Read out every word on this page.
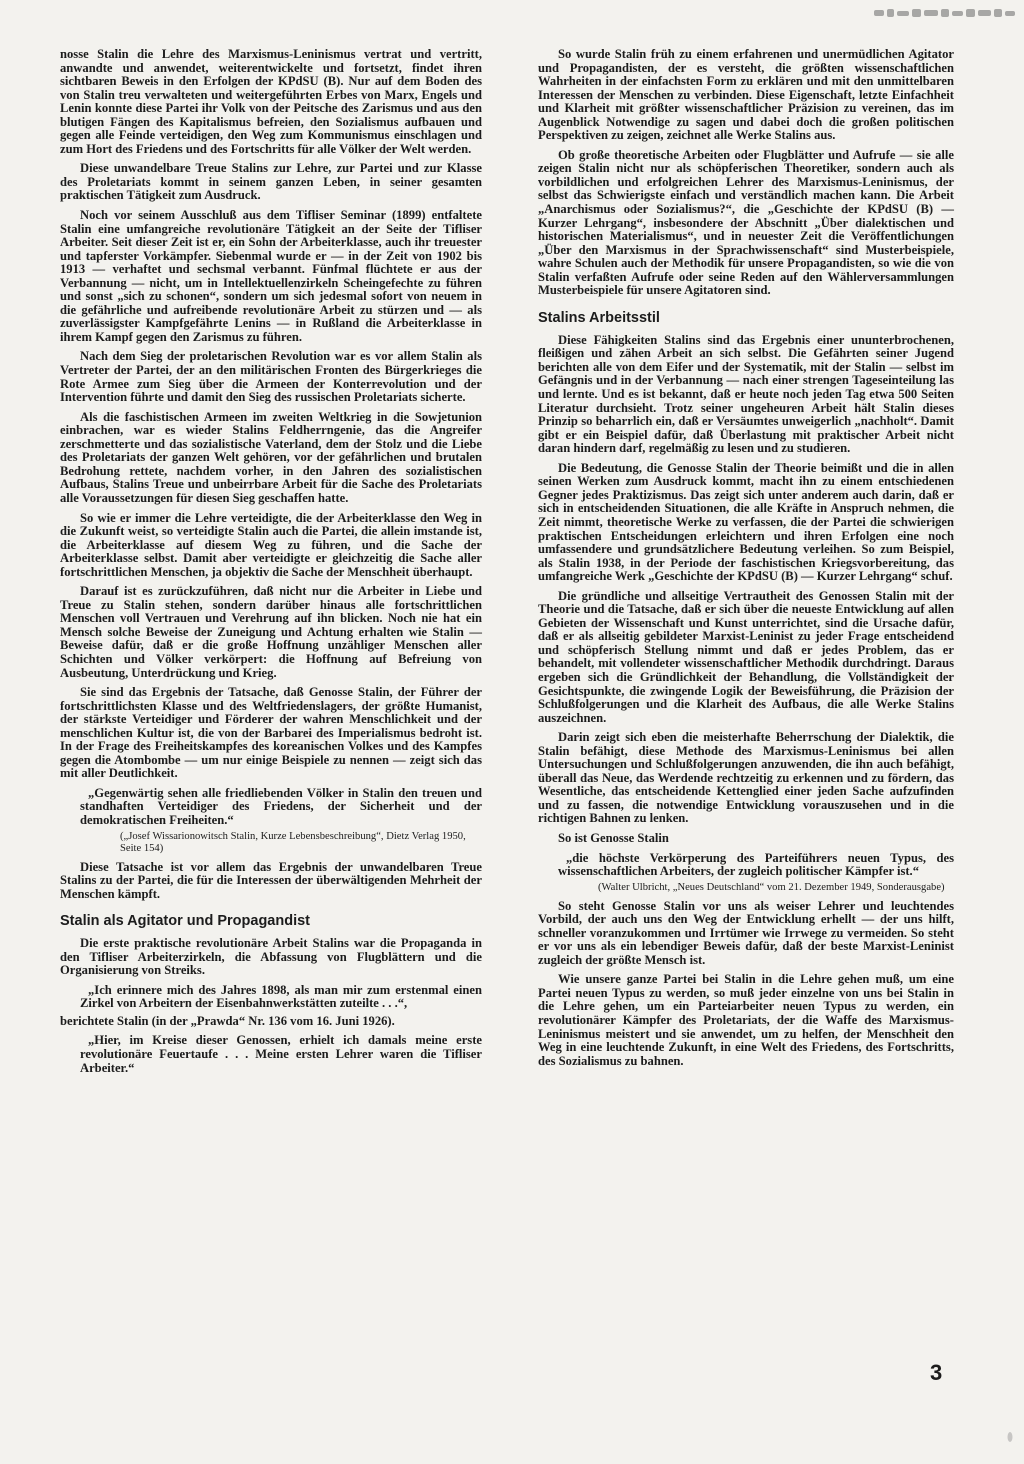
nosse Stalin die Lehre des Marxismus-Leninismus vertrat und vertritt, anwandte und anwendet, weiterentwickelte und fortsetzt, findet ihren sichtbaren Beweis in den Erfolgen der KPdSU (B). Nur auf dem Boden des von Stalin treu verwalteten und weitergeführten Erbes von Marx, Engels und Lenin konnte diese Partei ihr Volk von der Peitsche des Zarismus und aus den blutigen Fängen des Kapitalismus befreien, den Sozialismus aufbauen und gegen alle Feinde verteidigen, den Weg zum Kommunismus einschlagen und zum Hort des Friedens und des Fortschritts für alle Völker der Welt werden.

Diese unwandelbare Treue Stalins zur Lehre, zur Partei und zur Klasse des Proletariats kommt in seinem ganzen Leben, in seiner gesamten praktischen Tätigkeit zum Ausdruck.

Noch vor seinem Ausschluß aus dem Tifliser Seminar (1899) entfaltete Stalin eine umfangreiche revolutionäre Tätigkeit an der Seite der Tifliser Arbeiter. Seit dieser Zeit ist er, ein Sohn der Arbeiterklasse, auch ihr treuester und tapferster Vorkämpfer. Siebenmal wurde er — in der Zeit von 1902 bis 1913 — verhaftet und sechsmal verbannt. Fünfmal flüchtete er aus der Verbannung — nicht, um in Intellektuellenzirkeln Scheingefechte zu führen und sonst „sich zu schonen“, sondern um sich jedesmal sofort von neuem in die gefährliche und aufreibende revolutionäre Arbeit zu stürzen und — als zuverlässigster Kampfgefährte Lenins — in Rußland die Arbeiterklasse in ihrem Kampf gegen den Zarismus zu führen.

Nach dem Sieg der proletarischen Revolution war es vor allem Stalin als Vertreter der Partei, der an den militärischen Fronten des Bürgerkrieges die Rote Armee zum Sieg über die Armeen der Konterrevolution und der Intervention führte und damit den Sieg des russischen Proletariats sicherte.

Als die faschistischen Armeen im zweiten Weltkrieg in die Sowjetunion einbrachen, war es wieder Stalins Feldherrngenie, das die Angreifer zerschmetterte und das sozialistische Vaterland, dem der Stolz und die Liebe des Proletariats der ganzen Welt gehören, vor der gefährlichen und brutalen Bedrohung rettete, nachdem vorher, in den Jahren des sozialistischen Aufbaus, Stalins Treue und unbeirrbare Arbeit für die Sache des Proletariats alle Voraussetzungen für diesen Sieg geschaffen hatte.

So wie er immer die Lehre verteidigte, die der Arbeiterklasse den Weg in die Zukunft weist, so verteidigte Stalin auch die Partei, die allein imstande ist, die Arbeiterklasse auf diesem Weg zu führen, und die Sache der Arbeiterklasse selbst. Damit aber verteidigte er gleichzeitig die Sache aller fortschrittlichen Menschen, ja objektiv die Sache der Menschheit überhaupt.

Darauf ist es zurückzuführen, daß nicht nur die Arbeiter in Liebe und Treue zu Stalin stehen, sondern darüber hinaus alle fortschrittlichen Menschen voll Vertrauen und Verehrung auf ihn blicken. Noch nie hat ein Mensch solche Beweise der Zuneigung und Achtung erhalten wie Stalin — Beweise dafür, daß er die große Hoffnung unzähliger Menschen aller Schichten und Völker verkörpert: die Hoffnung auf Befreiung von Ausbeutung, Unterdrückung und Krieg.

Sie sind das Ergebnis der Tatsache, daß Genosse Stalin, der Führer der fortschrittlichsten Klasse und des Weltfriedenslagers, der größte Humanist, der stärkste Verteidiger und Förderer der wahren Menschlichkeit und der menschlichen Kultur ist, die von der Barbarei des Imperialismus bedroht ist. In der Frage des Freiheitskampfes des koreanischen Volkes und des Kampfes gegen die Atombombe — um nur einige Beispiele zu nennen — zeigt sich das mit aller Deutlichkeit.

„Gegenwärtig sehen alle friedliebenden Völker in Stalin den treuen und standhaften Verteidiger des Friedens, der Sicherheit und der demokratischen Freiheiten.“
(„Josef Wissarionowitsch Stalin, Kurze Lebensbeschreibung“, Dietz Verlag 1950, Seite 154)

Diese Tatsache ist vor allem das Ergebnis der unwandelbaren Treue Stalins zu der Partei, die für die Interessen der überwältigenden Mehrheit der Menschen kämpft.

Stalin als Agitator und Propagandist

Die erste praktische revolutionäre Arbeit Stalins war die Propaganda in den Tifliser Arbeiterzirkeln, die Abfassung von Flugblättern und die Organisierung von Streiks.

„Ich erinnere mich des Jahres 1898, als man mir zum erstenmal einen Zirkel von Arbeitern der Eisenbahnwerkstätten zuteilte . . .“,

berichtete Stalin (in der „Prawda“ Nr. 136 vom 16. Juni 1926).

„Hier, im Kreise dieser Genossen, erhielt ich damals meine erste revolutionäre Feuertaufe . . . Meine ersten Lehrer waren die Tifliser Arbeiter.“

So wurde Stalin früh zu einem erfahrenen und unermüdlichen Agitator und Propagandisten, der es versteht, die größten wissenschaftlichen Wahrheiten in der einfachsten Form zu erklären und mit den unmittelbaren Interessen der Menschen zu verbinden. Diese Eigenschaft, letzte Einfachheit und Klarheit mit größter wissenschaftlicher Präzision zu vereinen, das im Augenblick Notwendige zu sagen und dabei doch die großen politischen Perspektiven zu zeigen, zeichnet alle Werke Stalins aus.

Ob große theoretische Arbeiten oder Flugblätter und Aufrufe — sie alle zeigen Stalin nicht nur als schöpferischen Theoretiker, sondern auch als vorbildlichen und erfolgreichen Lehrer des Marxismus-Leninismus, der selbst das Schwierigste einfach und verständlich machen kann. Die Arbeit „Anarchismus oder Sozialismus?“, die „Geschichte der KPdSU (B) — Kurzer Lehrgang“, insbesondere der Abschnitt „Über dialektischen und historischen Materialismus“, und in neuester Zeit die Veröffentlichungen „Über den Marxismus in der Sprachwissenschaft“ sind Musterbeispiele, wahre Schulen auch der Methodik für unsere Propagandisten, so wie die von Stalin verfaßten Aufrufe oder seine Reden auf den Wählerversammlungen Musterbeispiele für unsere Agitatoren sind.

Stalins Arbeitsstil

Diese Fähigkeiten Stalins sind das Ergebnis einer ununterbrochenen, fleißigen und zähen Arbeit an sich selbst. Die Gefährten seiner Jugend berichten alle von dem Eifer und der Systematik, mit der Stalin — selbst im Gefängnis und in der Verbannung — nach einer strengen Tageseinteilung las und lernte. Und es ist bekannt, daß er heute noch jeden Tag etwa 500 Seiten Literatur durchsieht. Trotz seiner ungeheuren Arbeit hält Stalin dieses Prinzip so beharrlich ein, daß er Versäumtes unweigerlich „nachholt“. Damit gibt er ein Beispiel dafür, daß Überlastung mit praktischer Arbeit nicht daran hindern darf, regelmäßig zu lesen und zu studieren.

Die Bedeutung, die Genosse Stalin der Theorie beimißt und die in allen seinen Werken zum Ausdruck kommt, macht ihn zu einem entschiedenen Gegner jedes Praktizismus. Das zeigt sich unter anderem auch darin, daß er sich in entscheidenden Situationen, die alle Kräfte in Anspruch nehmen, die Zeit nimmt, theoretische Werke zu verfassen, die der Partei die schwierigen praktischen Entscheidungen erleichtern und ihren Erfolgen eine noch umfassendere und grundsätzlichere Bedeutung verleihen. So zum Beispiel, als Stalin 1938, in der Periode der faschistischen Kriegsvorbereitung, das umfangreiche Werk „Geschichte der KPdSU (B) — Kurzer Lehrgang“ schuf.

Die gründliche und allseitige Vertrautheit des Genossen Stalin mit der Theorie und die Tatsache, daß er sich über die neueste Entwicklung auf allen Gebieten der Wissenschaft und Kunst unterrichtet, sind die Ursache dafür, daß er als allseitig gebildeter Marxist-Leninist zu jeder Frage entscheidend und schöpferisch Stellung nimmt und daß er jedes Problem, das er behandelt, mit vollendeter wissenschaftlicher Methodik durchdringt. Daraus ergeben sich die Gründlichkeit der Behandlung, die Vollständigkeit der Gesichtspunkte, die zwingende Logik der Beweisführung, die Präzision der Schlußfolgerungen und die Klarheit des Aufbaus, die alle Werke Stalins auszeichnen.

Darin zeigt sich eben die meisterhafte Beherrschung der Dialektik, die Stalin befähigt, diese Methode des Marxismus-Leninismus bei allen Untersuchungen und Schlußfolgerungen anzuwenden, die ihn auch befähigt, überall das Neue, das Werdende rechtzeitig zu erkennen und zu fördern, das Wesentliche, das entscheidende Kettenglied einer jeden Sache aufzufinden und zu fassen, die notwendige Entwicklung vorauszusehen und in die richtigen Bahnen zu lenken.

So ist Genosse Stalin

„die höchste Verkörperung des Parteiführers neuen Typus, des wissenschaftlichen Arbeiters, der zugleich politischer Kämpfer ist.“
(Walter Ulbricht, „Neues Deutschland“ vom 21. Dezember 1949, Sonderausgabe)

So steht Genosse Stalin vor uns als weiser Lehrer und leuchtendes Vorbild, der auch uns den Weg der Entwicklung erhellt — der uns hilft, schneller voranzukommen und Irrtümer wie Irrwege zu vermeiden. So steht er vor uns als ein lebendiger Beweis dafür, daß der beste Marxist-Leninist zugleich der größte Mensch ist.

Wie unsere ganze Partei bei Stalin in die Lehre gehen muß, um eine Partei neuen Typus zu werden, so muß jeder einzelne von uns bei Stalin in die Lehre gehen, um ein Parteiarbeiter neuen Typus zu werden, ein revolutionärer Kämpfer des Proletariats, der die Waffe des Marxismus-Leninismus meistert und sie anwendet, um zu helfen, der Menschheit den Weg in eine leuchtende Zukunft, in eine Welt des Friedens, des Fortschritts, des Sozialismus zu bahnen.

3
